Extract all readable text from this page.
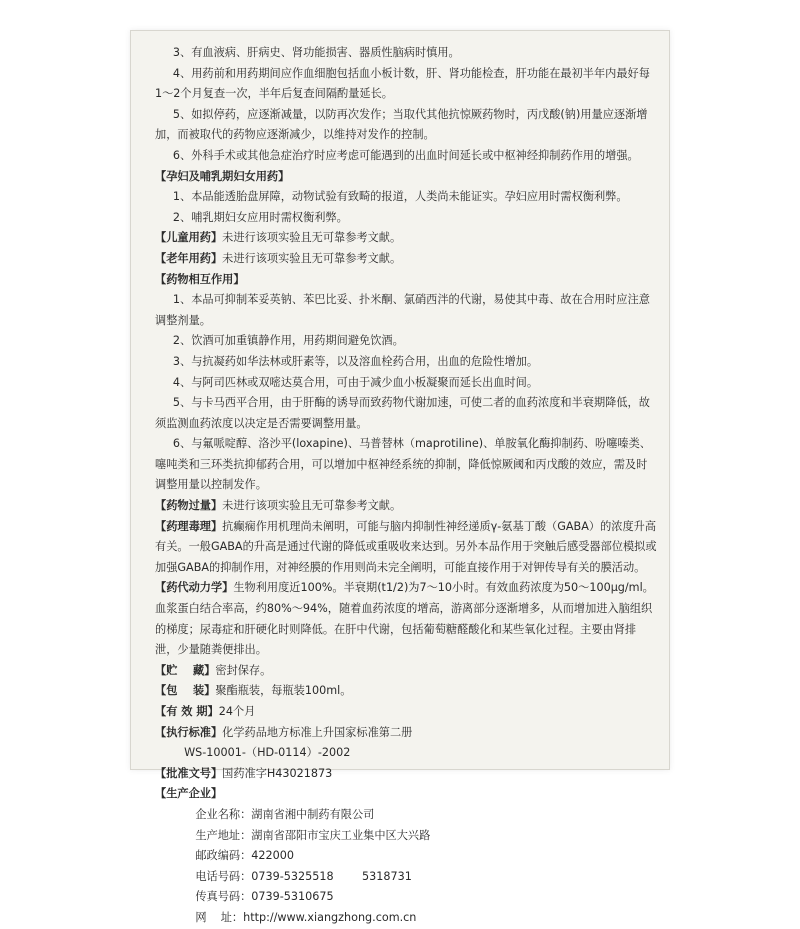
3、有血液病、肝病史、肾功能损害、器质性脑病时慎用。

4、用药前和用药期间应作血细胞包括血小板计数，肝、肾功能检查，肝功能在最初半年内最好每1～2个月复查一次，半年后复查间隔酌量延长。

5、如拟停药，应逐渐减量，以防再次发作；当取代其他抗惊厥药物时，丙戊酸(钠)用量应逐渐增加，而被取代的药物应逐渐减少，以维持对发作的控制。

6、外科手术或其他急症治疗时应考虑可能遇到的出血时间延长或中枢神经抑制药作用的增强。

【孕妇及哺乳期妇女用药】

1、本品能透胎盘屏障，动物试验有致畸的报道，人类尚未能证实。孕妇应用时需权衡利弊。

2、哺乳期妇女应用时需权衡利弊。

【儿童用药】未进行该项实验且无可靠参考文献。

【老年用药】未进行该项实验且无可靠参考文献。

【药物相互作用】

1、本品可抑制苯妥英钠、苯巴比妥、扑米酮、氯硝西泮的代谢，易使其中毒、故在合用时应注意调整剂量。

2、饮酒可加重镇静作用，用药期间避免饮酒。

3、与抗凝药如华法林或肝素等，以及溶血栓药合用，出血的危险性增加。

4、与阿司匹林或双嘧达莫合用，可由于减少血小板凝聚而延长出血时间。

5、与卡马西平合用，由于肝酶的诱导而致药物代谢加速，可使二者的血药浓度和半衰期降低，故须监测血药浓度以决定是否需要调整用量。

6、与氟哌啶醇、洛沙平(loxapine)、马普替林（maprotiline)、单胺氧化酶抑制药、吩噻嗪类、噻吨类和三环类抗抑郁药合用，可以增加中枢神经系统的抑制，降低惊厥阈和丙戊酸的效应，需及时调整用量以控制发作。

【药物过量】未进行该项实验且无可靠参考文献。

【药理毒理】抗癫痫作用机理尚未阐明，可能与脑内抑制性神经递质γ-氨基丁酸（GABA）的浓度升高有关。一般GABA的升高是通过代谢的降低或重吸收来达到。另外本品作用于突触后感受器部位模拟或加强GABA的抑制作用，对神经膜的作用则尚未完全阐明，可能直接作用于对钾传导有关的膜活动。

【药代动力学】生物利用度近100%。半衰期(t1/2)为7～10小时。有效血药浓度为50～100μg/ml。血浆蛋白结合率高，约80%～94%，随着血药浓度的增高，游离部分逐渐增多，从而增加进入脑组织的梯度；尿毒症和肝硬化时则降低。在肝中代谢，包括葡萄糖醛酸化和某些氧化过程。主要由肾排泄，少量随粪便排出。

【贮    藏】 密封保存。

【包    装】 聚酯瓶装，每瓶装100ml。

【有 效 期】 24个月

【执行标准】 化学药品地方标准上升国家标准第二册

WS-10001-（HD-0114）-2002

【批准文号】 国药准字H43021873

【生产企业】

企业名称：湖南省湘中制药有限公司

生产地址：湖南省邵阳市宝庆工业集中区大兴路

邮政编码：422000

电话号码：0739-5325518        5318731

传真号码：0739-5310675

网    址：http://www.xiangzhong.com.cn
